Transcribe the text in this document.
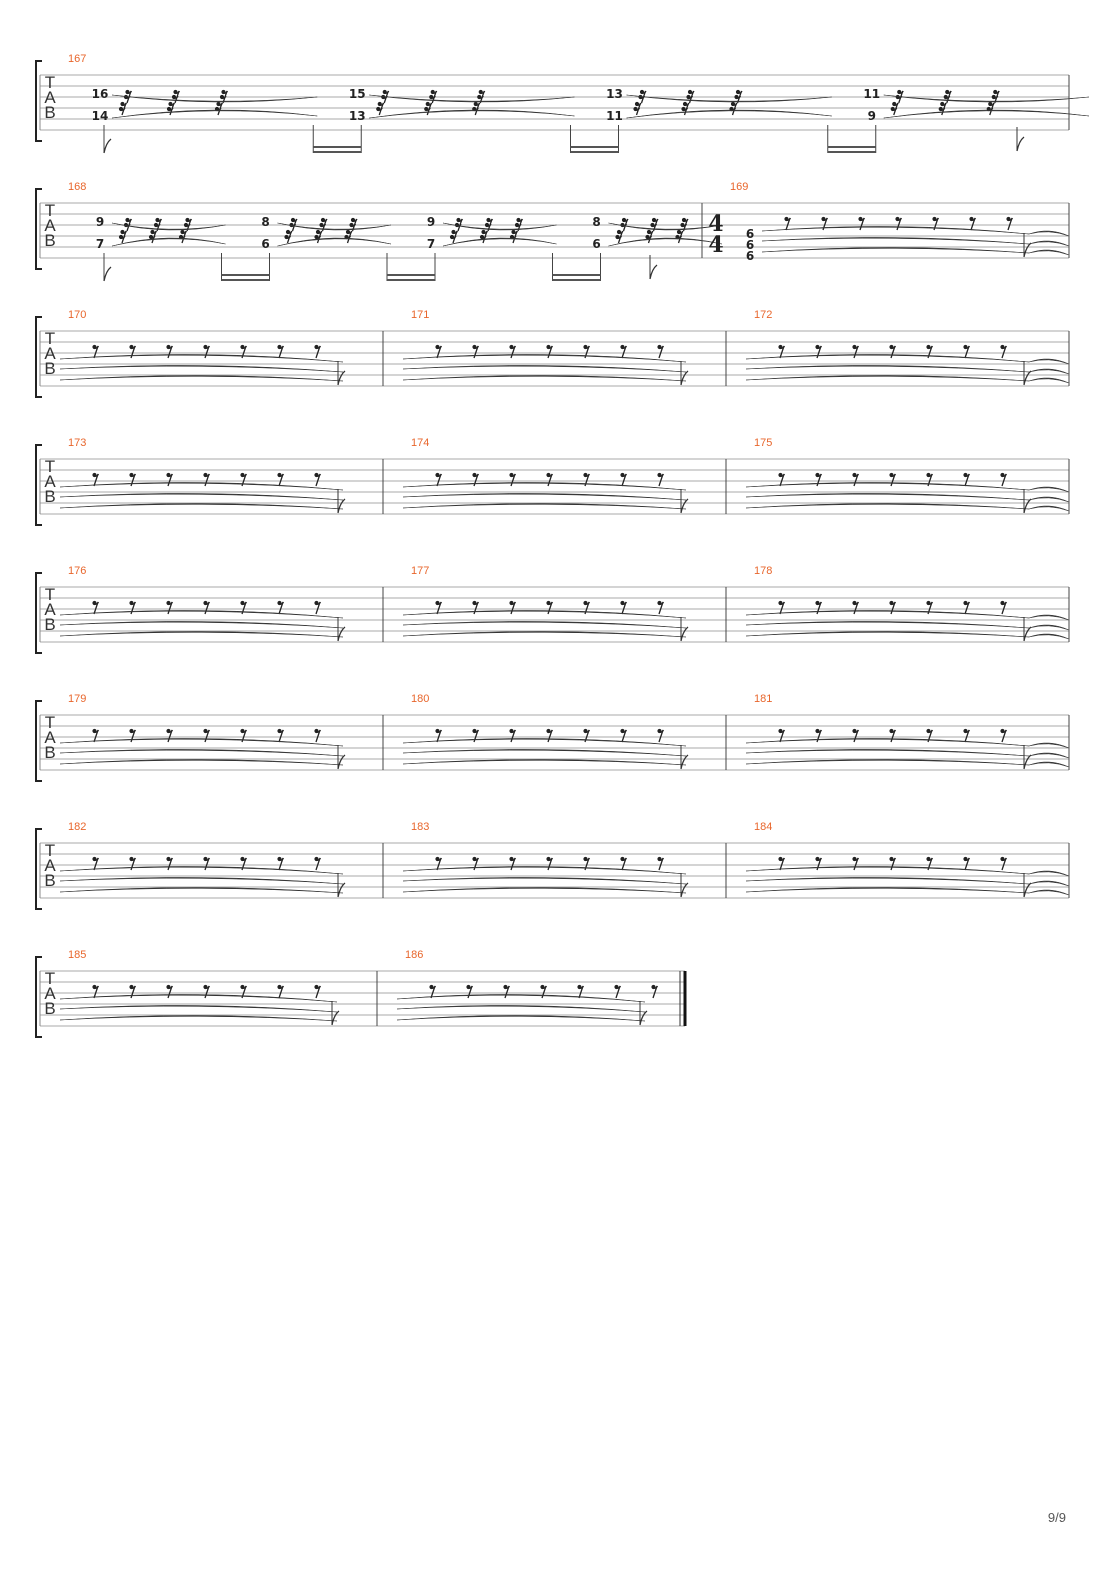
T
A
B
167
16
14
15
13
13
11
11
9
T
A
B
168
9
7
8
6
9
7
8
6
169
4
4 6
6
6
T
A
B
170	171	172
T
A
B
173	174	175
T
A
B
176	177	178
T
A
B
179	180	181
T
A
B
182	183	184
T
A
B
185	186
9/9
